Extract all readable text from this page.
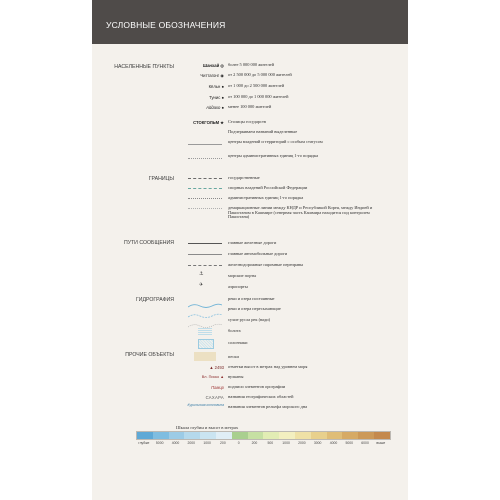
УСЛОВНЫЕ ОБОЗНАЧЕНИЯ
НАСЕЛЕННЫЕ ПУНКТЫ
ГРАНИЦЫ
ПУТИ СООБЩЕНИЯ
ГИДРОГРАФИЯ
ПРОЧИЕ ОБЪЕКТЫ
Шанхай ◎ более 5 000 000 жителей
Читтагонг ◉ от 2 500 000 до 5 000 000 жителей
Кёльн ● от 1 000 до 2 500 000 жителей
Тунис ● от 100 000 до 1 000 000 жителей
Айдахо ● менее 100 000 жителей
СТОКГОЛЬМ ★ Столицы государств
Подчеркиваем названий выделенные
центры владений и территорий с особым статусом
центры административных единиц 1-го порядка
государственные
спорных владений Российской Федерации
административных единиц 1-го порядка
демаркационные линии между КНДР и Республикой Корея, между Индией и Пакистаном в Кашмире (северная часть Кашмира находится под контролем Пакистана)
главные железные дороги
главные автомобильные дороги
железнодорожные паромные переправы
⚓	морские порты
✈	аэропорты
реки и озера постоянные
реки и озера пересыхающие
сухие русла рек (вади)
болота
солончаки
пески
▲ 2493 отметки высот в метрах над уровнем моря
Вл. Писко ▲ вулканы
Памир подписи элементов орографии
САХАРА названия географических областей
Курильская котловина названия элементов рельефа морского дна
Шкала глубин и высот в метрах
глубже	5000	4000	2000	1000	200	0	200	500	1000	2000	3000	4000	5000	6000	выше
